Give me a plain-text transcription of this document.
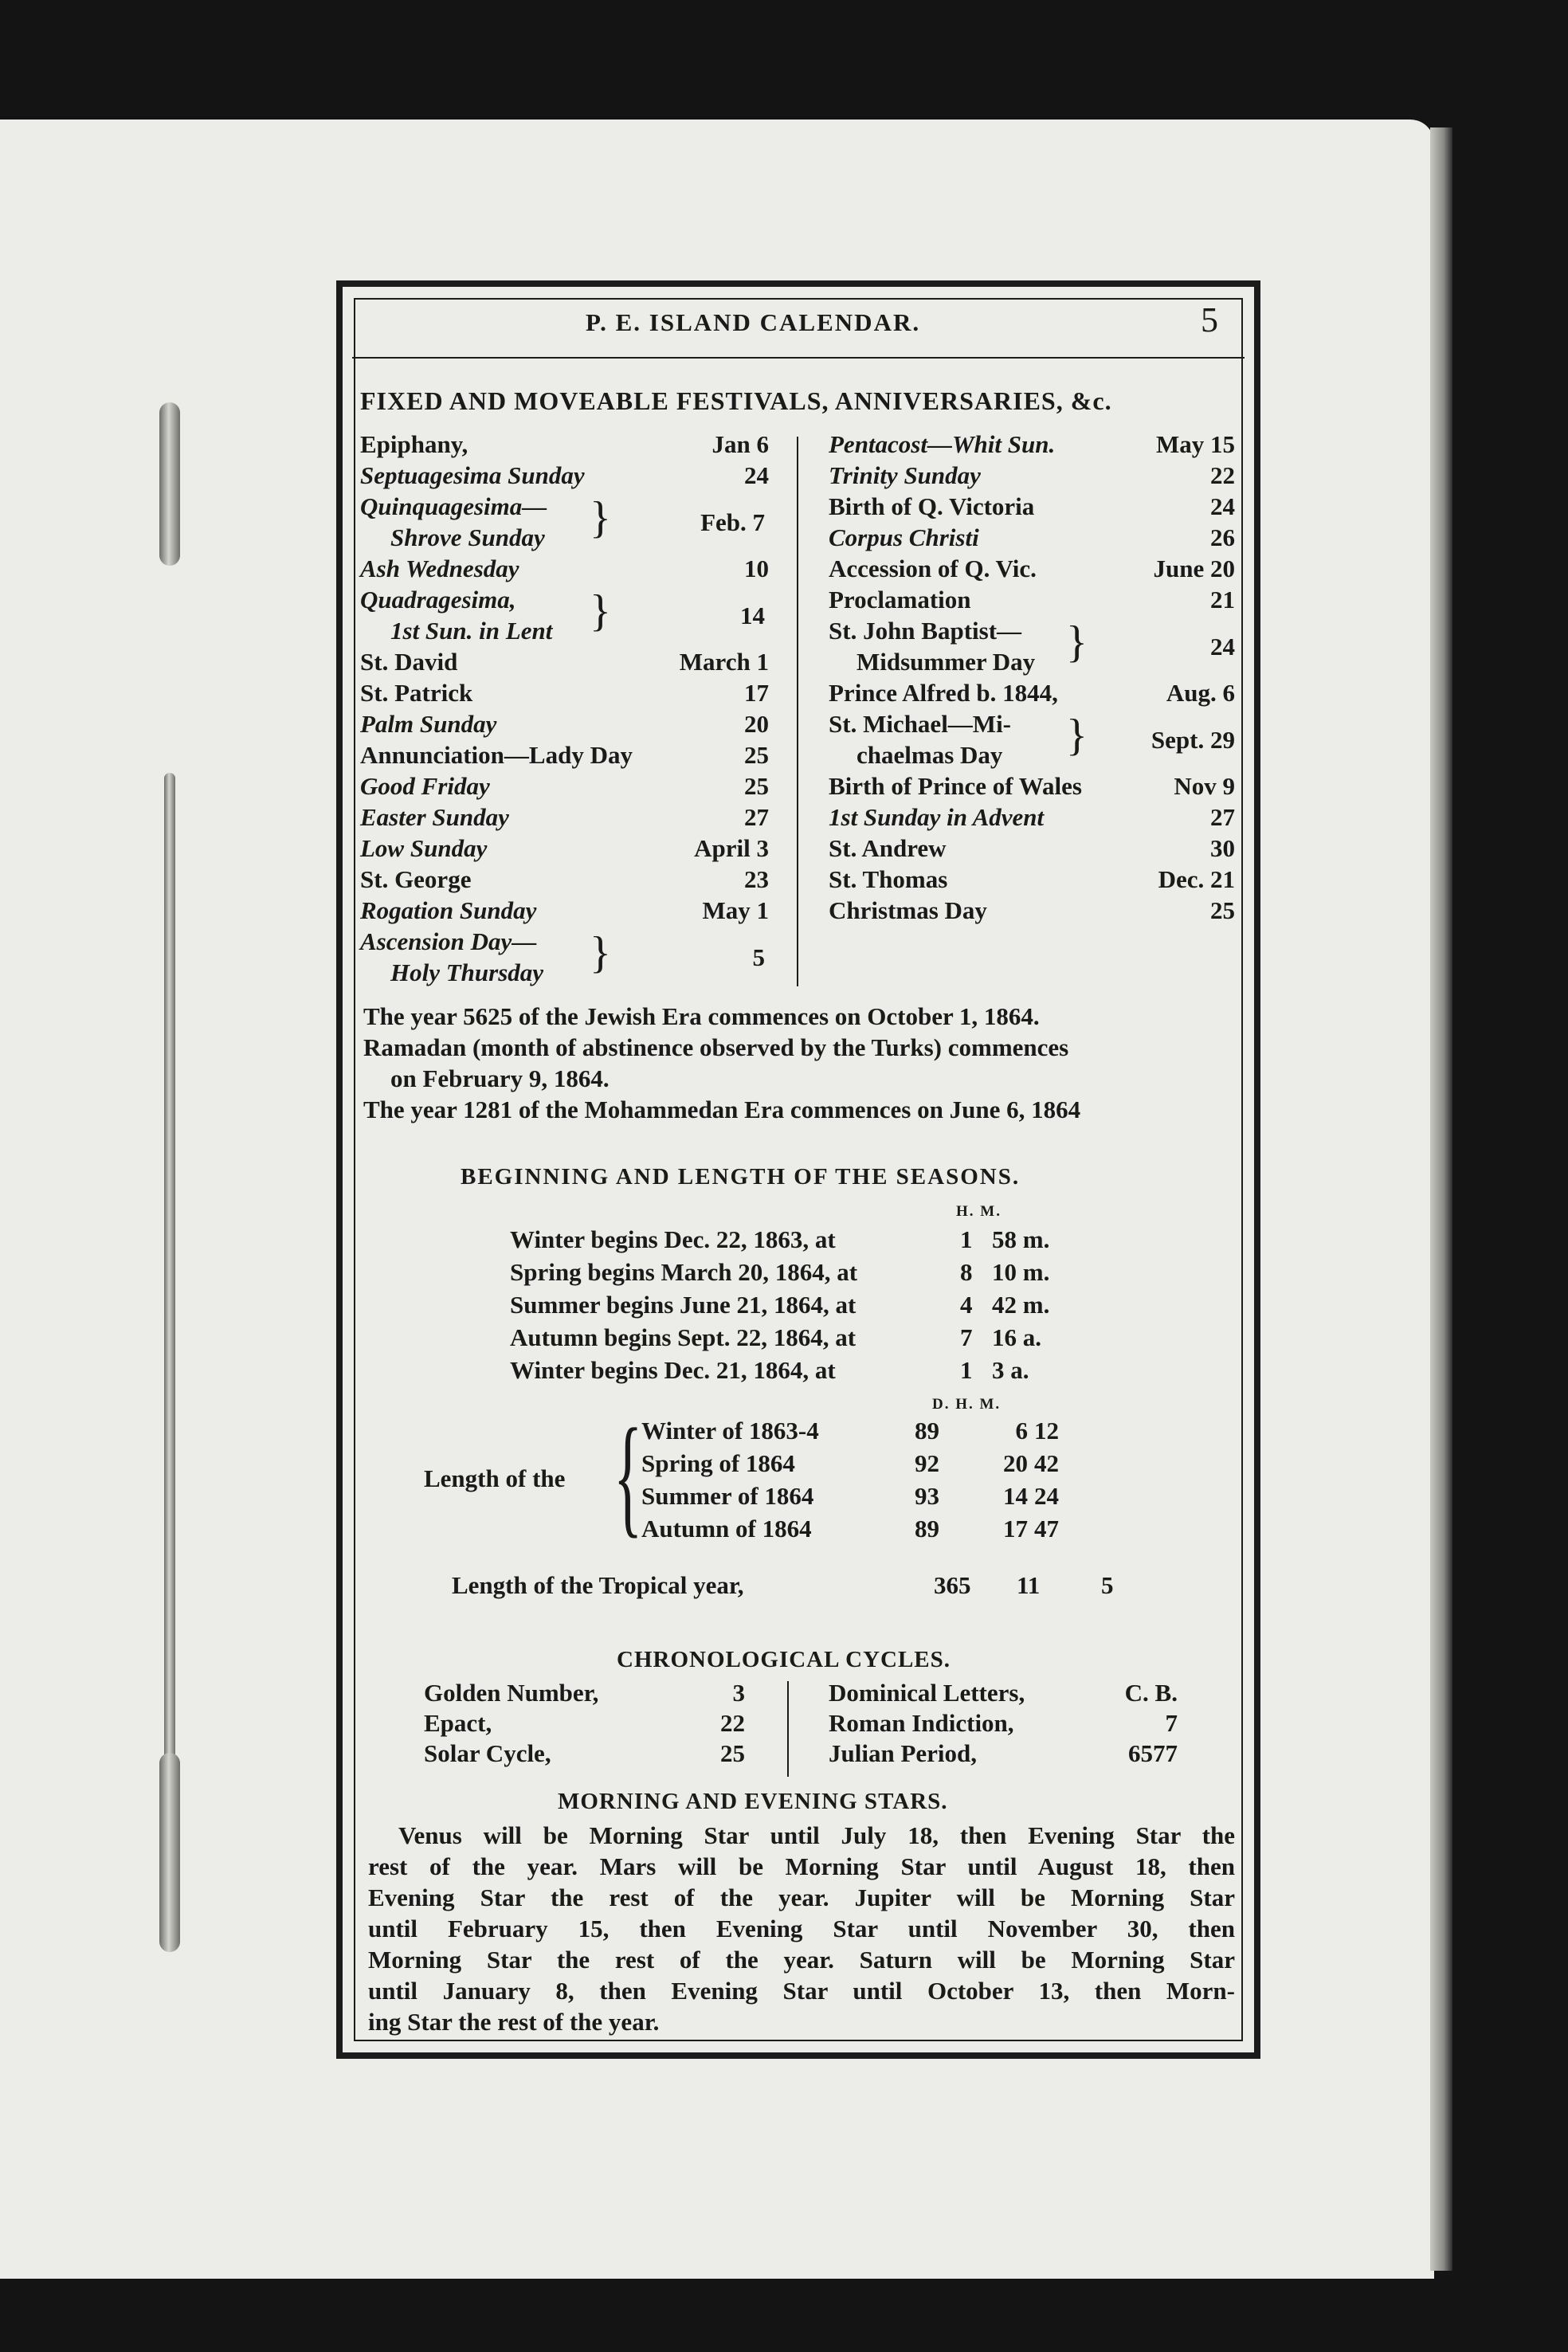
P. E. ISLAND CALENDAR.	5
FIXED AND MOVEABLE FESTIVALS, ANNIVERSARIES, &c.
Epiphany,	Jan 6
Septuagesima Sunday	24
Quinquagesima—
Shrove Sunday }	Feb. 7
Ash Wednesday	10
Quadragesima,
1st Sun. in Lent }	14
St. David	March 1
St. Patrick	17
Palm Sunday	20
Annunciation—Lady Day	25
Good Friday	25
Easter Sunday	27
Low Sunday	April 3
St. George	23
Rogation Sunday	May 1
Ascension Day—
Holy Thursday }	5
Pentacost—Whit Sun.	May 15
Trinity Sunday	22
Birth of Q. Victoria	24
Corpus Christi	26
Accession of Q. Vic.	June 20
Proclamation	21
St. John Baptist—
Midsummer Day }	24
Prince Alfred b. 1844,	Aug. 6
St. Michael—Mi-
chaelmas Day }	Sept. 29
Birth of Prince of Wales	Nov 9
1st Sunday in Advent	27
St. Andrew	30
St. Thomas	Dec. 21
Christmas Day	25
The year 5625 of the Jewish Era commences on October 1, 1864.
Ramadan (month of abstinence observed by the Turks) commences
on February 9, 1864.
The year 1281 of the Mohammedan Era commences on June 6, 1864
BEGINNING AND LENGTH OF THE SEASONS.
H. M.
Winter begins Dec. 22, 1863, at	1 58 m.
Spring begins March 20, 1864, at	8 10 m.
Summer begins June 21, 1864, at	4 42 m.
Autumn begins Sept. 22, 1864, at	7 16 a.
Winter begins Dec. 21, 1864, at	1 3 a.
D. H. M.
Length of the {
Winter of 1863-4	89	6 12
Spring of 1864	92	20 42
Summer of 1864	93	14 24
Autumn of 1864	89	17 47
Length of the Tropical year,	365 11 5
CHRONOLOGICAL CYCLES.
Golden Number,	3
Epact,	22
Solar Cycle,	25
Dominical Letters,	C. B.
Roman Indiction,	7
Julian Period,	6577
MORNING AND EVENING STARS.
Venus will be Morning Star until July 18, then Evening Star the
rest of the year. Mars will be Morning Star until August 18, then
Evening Star the rest of the year. Jupiter will be Morning Star
until February 15, then Evening Star until November 30, then
Morning Star the rest of the year. Saturn will be Morning Star
until January 8, then Evening Star until October 13, then Morn-
ing Star the rest of the year.
